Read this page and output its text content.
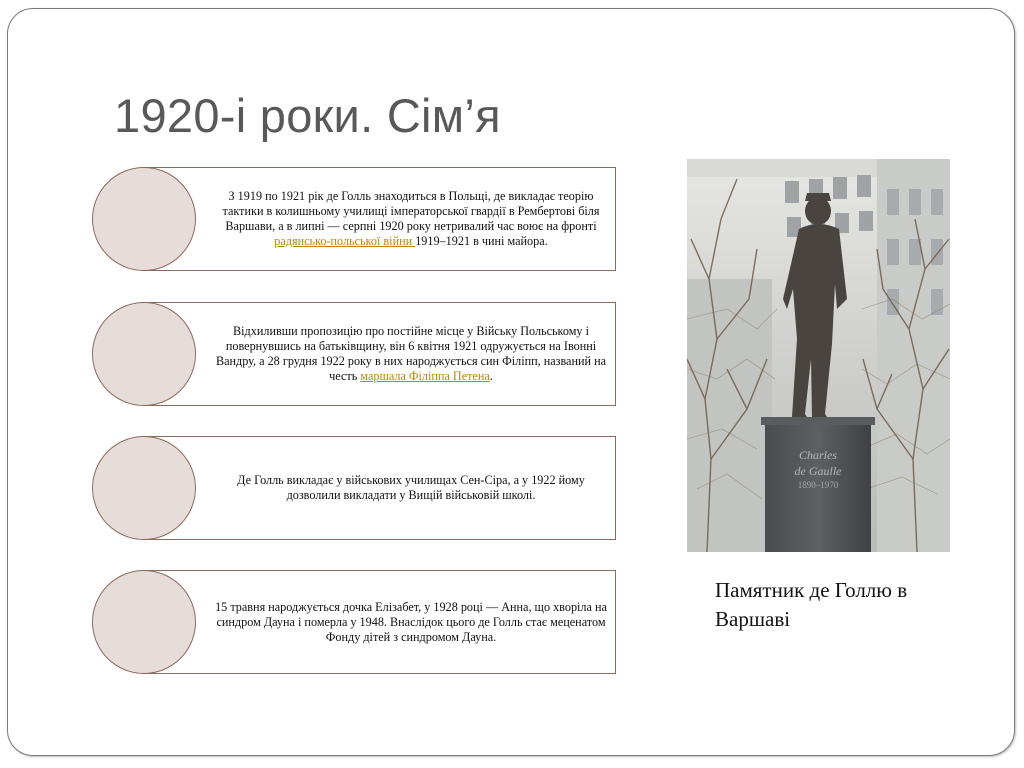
1920-і роки. Сім’я
З 1919 по 1921 рік де Голль знаходиться в Польщі, де викладає теорію тактики в колишньому училищі імператорської гвардії в Рембертові біля Варшави, а в липні — серпні 1920 року нетривалий час воює на фронті радянсько-польської війни 1919–1921 в чині майора.
Відхиливши пропозицію про постійне місце у Війську Польському і повернувшись на батьківщину, він 6 квітня 1921 одружується на Івонні Вандру, а 28 грудня 1922 року в них народжується син Філіпп, названий на честь маршала Філіппа Петена.
Де Голль викладає у військових училищах Сен-Сіра, а у 1922 йому дозволили викладати у Вищій військовій школі.
15 травня народжується дочка Елізабет, у 1928 році — Анна, що хворіла на синдром Дауна і померла у 1948. Внаслідок цього де Голль стає меценатом Фонду дітей з синдромом Дауна.
Charles
de Gaulle
1890–1970

Памятник де Голлю в Варшаві
